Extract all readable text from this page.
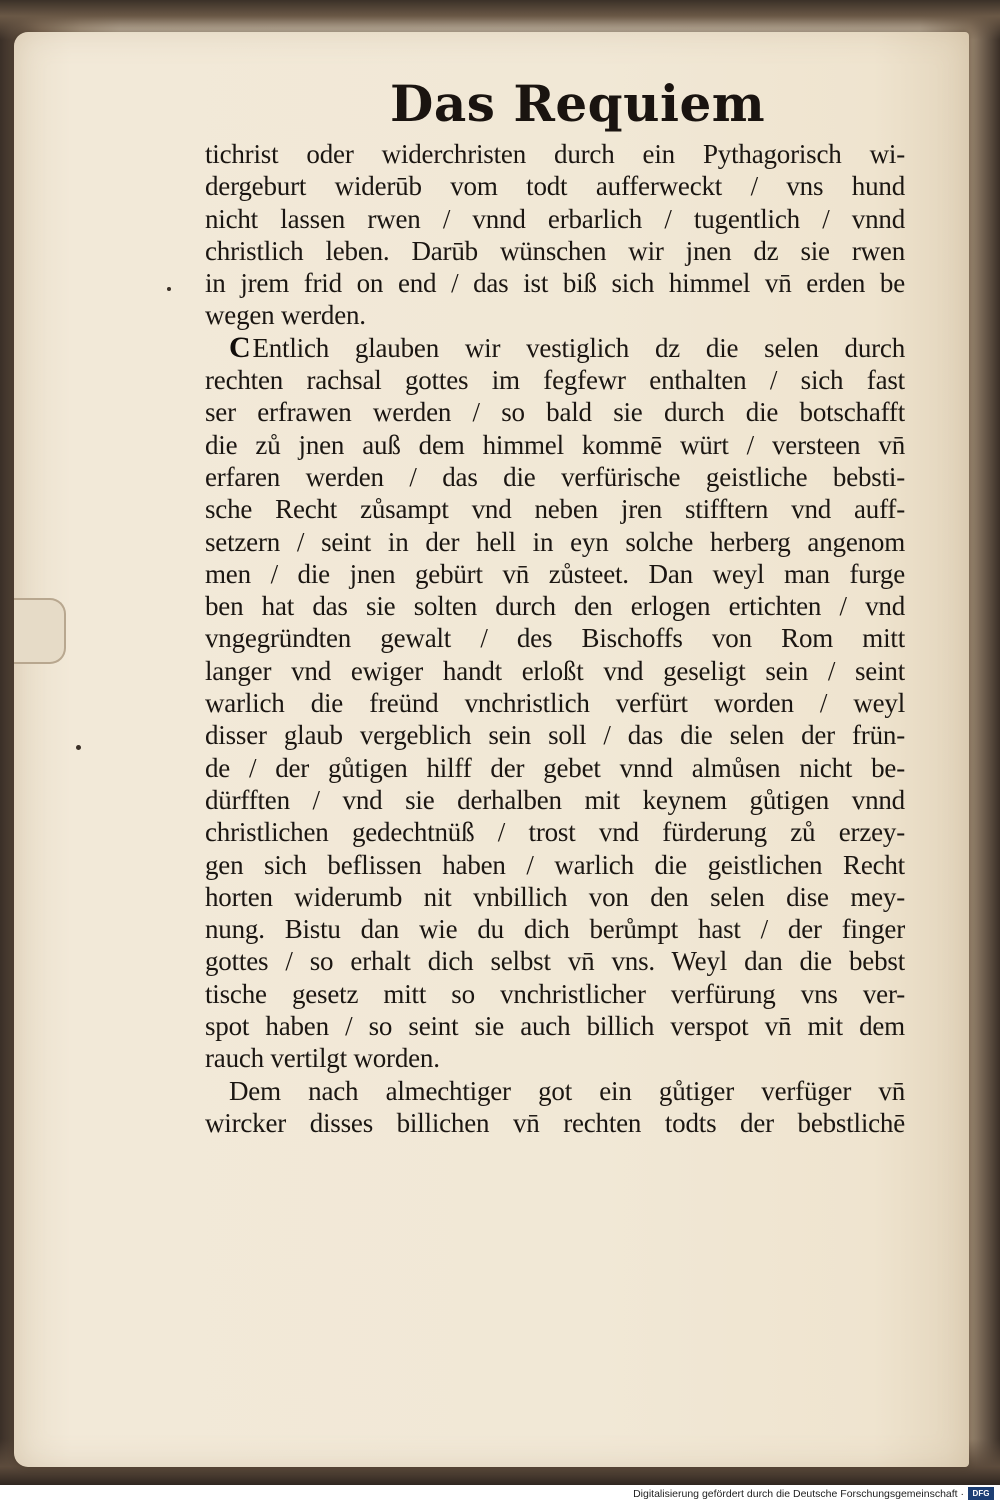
Das Requiem
tichrist oder widerchristen durch ein Pythagorisch wi-
dergeburt widerūb vom todt aufferweckt / vns hund
nicht lassen rwen / vnnd erbarlich / tugentlich / vnnd
christlich leben. Darūb wünschen wir jnen dz sie rwen
in jrem frid on end / das ist biß sich himmel vn̄ erden be
wegen werden.
CEntlich glauben wir vestiglich dz die selen durch
rechten rachsal gottes im fegfewr enthalten / sich fast
ser erfrawen werden / so bald sie durch die botschafft
die zů jnen auß dem himmel kommē würt / versteen vn̄
erfaren werden / das die verfürische geistliche bebsti-
sche Recht zůsampt vnd neben jren stifftern vnd auff-
setzern / seint in der hell in eyn solche herberg angenom
men / die jnen gebürt vn̄ zůsteet. Dan weyl man furge
ben hat das sie solten durch den erlogen ertichten / vnd
vngegründten gewalt / des Bischoffs von Rom mitt
langer vnd ewiger handt erloßt vnd geseligt sein / seint
warlich die freünd vnchristlich verfürt worden / weyl
disser glaub vergeblich sein soll / das die selen der frün-
de / der gůtigen hilff der gebet vnnd almůsen nicht be-
dürfften / vnd sie derhalben mit keynem gůtigen vnnd
christlichen gedechtnüß / trost vnd fürderung zů erzey-
gen sich beflissen haben / warlich die geistlichen Recht
horten widerumb nit vnbillich von den selen dise mey-
nung. Bistu dan wie du dich berůmpt hast / der finger
gottes / so erhalt dich selbst vn̄ vns. Weyl dan die bebst
tische gesetz mitt so vnchristlicher verfürung vns ver-
spot haben / so seint sie auch billich verspot vn̄ mit dem
rauch vertilgt worden.
Dem nach almechtiger got ein gůtiger verfüger vn̄
wircker disses billichen vn̄ rechten todts der bebstlichē
Digitalisierung gefördert durch die Deutsche Forschungsgemeinschaft ·	DFG
